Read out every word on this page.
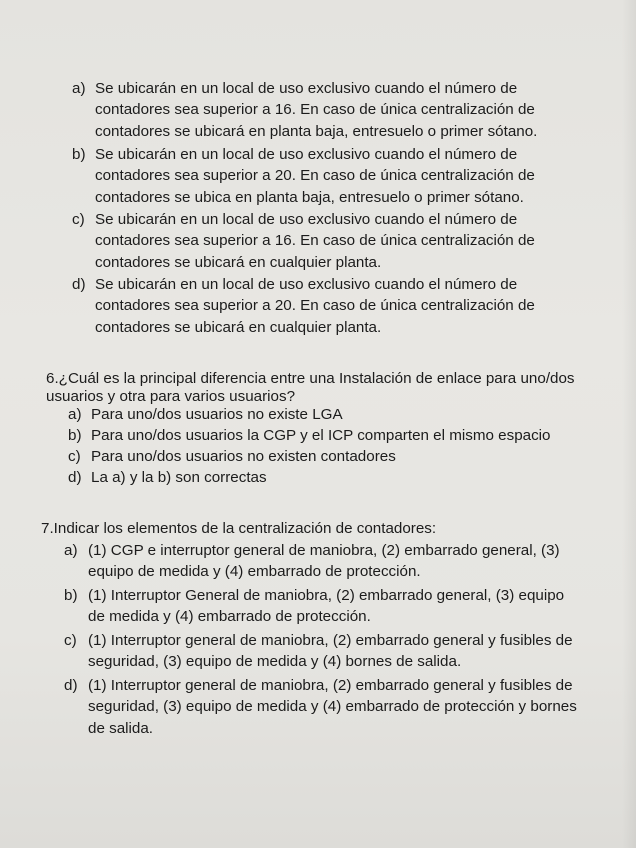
a) Se ubicarán en un local de uso exclusivo cuando el número de
contadores sea superior a 16. En caso de única centralización de
contadores se ubicará en planta baja, entresuelo o primer sótano.
b) Se ubicarán en un local de uso exclusivo cuando el número de
contadores sea superior a 20. En caso de única centralización de
contadores se ubica en planta baja, entresuelo o primer sótano.
c) Se ubicarán en un local de uso exclusivo cuando el número de
contadores sea superior a 16. En caso de única centralización de
contadores se ubicará en cualquier planta.
d) Se ubicarán en un local de uso exclusivo cuando el número de
contadores sea superior a 20. En caso de única centralización de
contadores se ubicará en cualquier planta.
6.¿Cuál es la principal diferencia entre una Instalación de enlace para uno/dos
usuarios y otra para varios usuarios?
a) Para uno/dos usuarios no existe LGA
b) Para uno/dos usuarios la CGP y el ICP comparten el mismo espacio
c) Para uno/dos usuarios no existen contadores
d) La a) y la b) son correctas
7.Indicar los elementos de la centralización de contadores:
a) (1) CGP e interruptor general de maniobra, (2) embarrado general, (3)
equipo de medida y (4) embarrado de protección.
b) (1) Interruptor General de maniobra, (2) embarrado general, (3) equipo
de medida y (4) embarrado de protección.
c) (1) Interruptor general de maniobra, (2) embarrado general y fusibles de
seguridad, (3) equipo de medida y (4) bornes de salida.
d) (1) Interruptor general de maniobra, (2) embarrado general y fusibles de
seguridad, (3) equipo de medida y (4) embarrado de protección y bornes
de salida.
